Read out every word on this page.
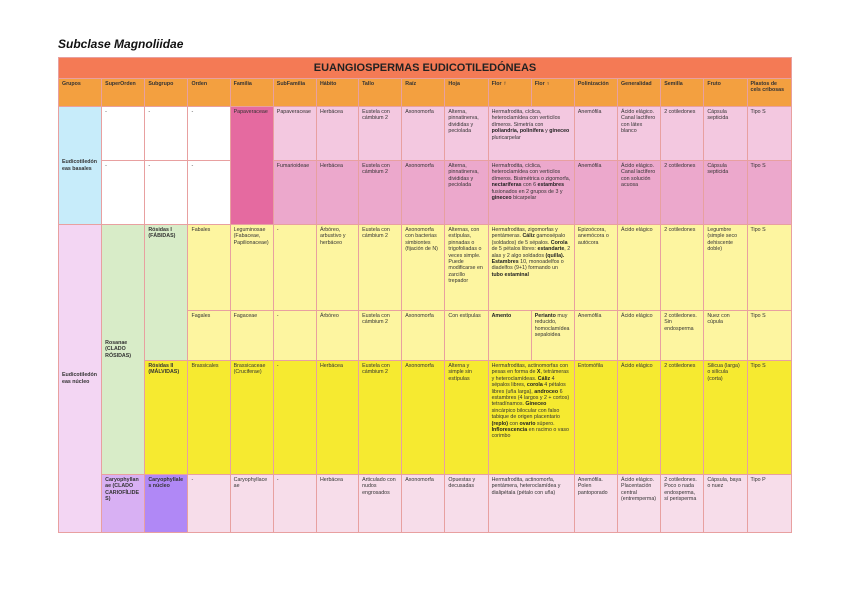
Subclase Magnoliidae
EUANGIOSPERMAS EUDICOTILEDÓNEAS																
Grupos	SuperOrden	Subgrupo	Orden	Familia	SubFamilia	Hábito	Tallo	Raíz	Hoja	Flor ☿	Flor ♀	Polinización	Generalidad	Semilla	Fruto	Plastos de cels cribosas
Eudicotiledóneas basales	-	-	-	Papaveraceae	Papaveraceae	Herbácea	Eustela con cámbium 2	Axonomorfa	Alterna, pinnatinerva, divididas y peciolada	Hermafrodita, cíclica, heteroclamídea con verticilos dímeros. Simetría con poliandria, polinífera y gineceo pluricarpelar		Anemófila	Ácido elágico. Canal lactífero con látex blanco	2 cotiledones	Cápsula septicida	Tipo S
	-	-	-		Fumarioideae	Herbácea	Eustela con cámbium 2	Axonomorfa	Alterna, pinnatinerva, divididas y peciolada	Hermafrodita, cíclica, heteroclamídea con verticilos dímeros. Bisimétrica o zigomorfa, nectaríferas con 6 estambres fusionados en 2 grupos de 3 y gineceo bicarpelar		Anemófila	Ácido elágico. Canal lactífero con solución acuosa	2 cotiledones	Cápsula septicida	Tipo S
Eudicotiledóneas núcleo	Rosanae (CLADO RÓSIDAS)	Rósidas I (FÁBIDAS)	Fabales	Leguminosae (Fabaceae, Papilionaceae)	-	Árbóreo, arbustivo y herbáceo	Eustela con cámbium 2	Axonomorfa con bacterias simbiontes (fijación de N)	Alternas, con estípulas, pinnadas o trigofoliadas o veces simple. Puede modificarse en zarcillo trepador	Hermafroditas, zigomorfas y pentámeras. Cáliz gamosépalo (soldados) de 5 sépalos. Corola de 5 pétalos libres: estandarte, 2 alas y 2 algo soldados (quilla). Estambres 10, monoadelfos o diadelfos (9+1) formando un tubo estaminal		Epizoócora, anemócora o autócora	Ácido elágico	2 cotiledones	Legumbre (simple seco dehiscente doble)	Tipo S
			Fagales	Fagaceae	-	Árbóreo	Eustela con cámbium 2	Axonomorfa	Con estípulas	Amento	Perianto muy reducido, homoclamídea sepaloidea	Anemófila	Ácido elágico	2 cotiledones. Sin endosperma	Nuez con cúpula	Tipo S
		Rósidas II (MÁLVIDAS)	Brassicales	Brassicaceae (Cruciferae)	-	Herbácea	Eustela con cámbium 2	Axonomorfa	Alterna y simple sin estípulas	Hermafroditas, actinomorfas con pesas en forma de X, tetrámeras y heteroclamídeas. Cáliz 4 sépalos libres, corola 4 pétalos libres (uña larga), androceo 6 estambres (4 largos y 2 + cortos) tetradínamos. Gineceo sincárpico bilocular con falso tabique de origen placentario (replo) con ovario súpero. Inflorescencia en racimo o vaso corimbo		Entomófila	Ácido elágico	2 cotiledones	Silicua (larga) o silícula (corta)	Tipo S
	Caryophyllanae (CLADO CARIOFÍLIDES)	Caryophyllales núcleo	-	Caryophyllaceae	-	Herbácea	Articulado con nudos engrosados	Axonomorfa	Opuestas y decusadas	Hermafrodita, actinomorfa, pentámera, heteroclamídea y dialipétala (pétalo con uña)		Anemófila. Polen pantoporado	Ácido elágico. Placentación central (entremperma)	2 cotiledones. Poco o nada endosperma, sí perisperma	Cápsula, baya o nuez	Tipo P
